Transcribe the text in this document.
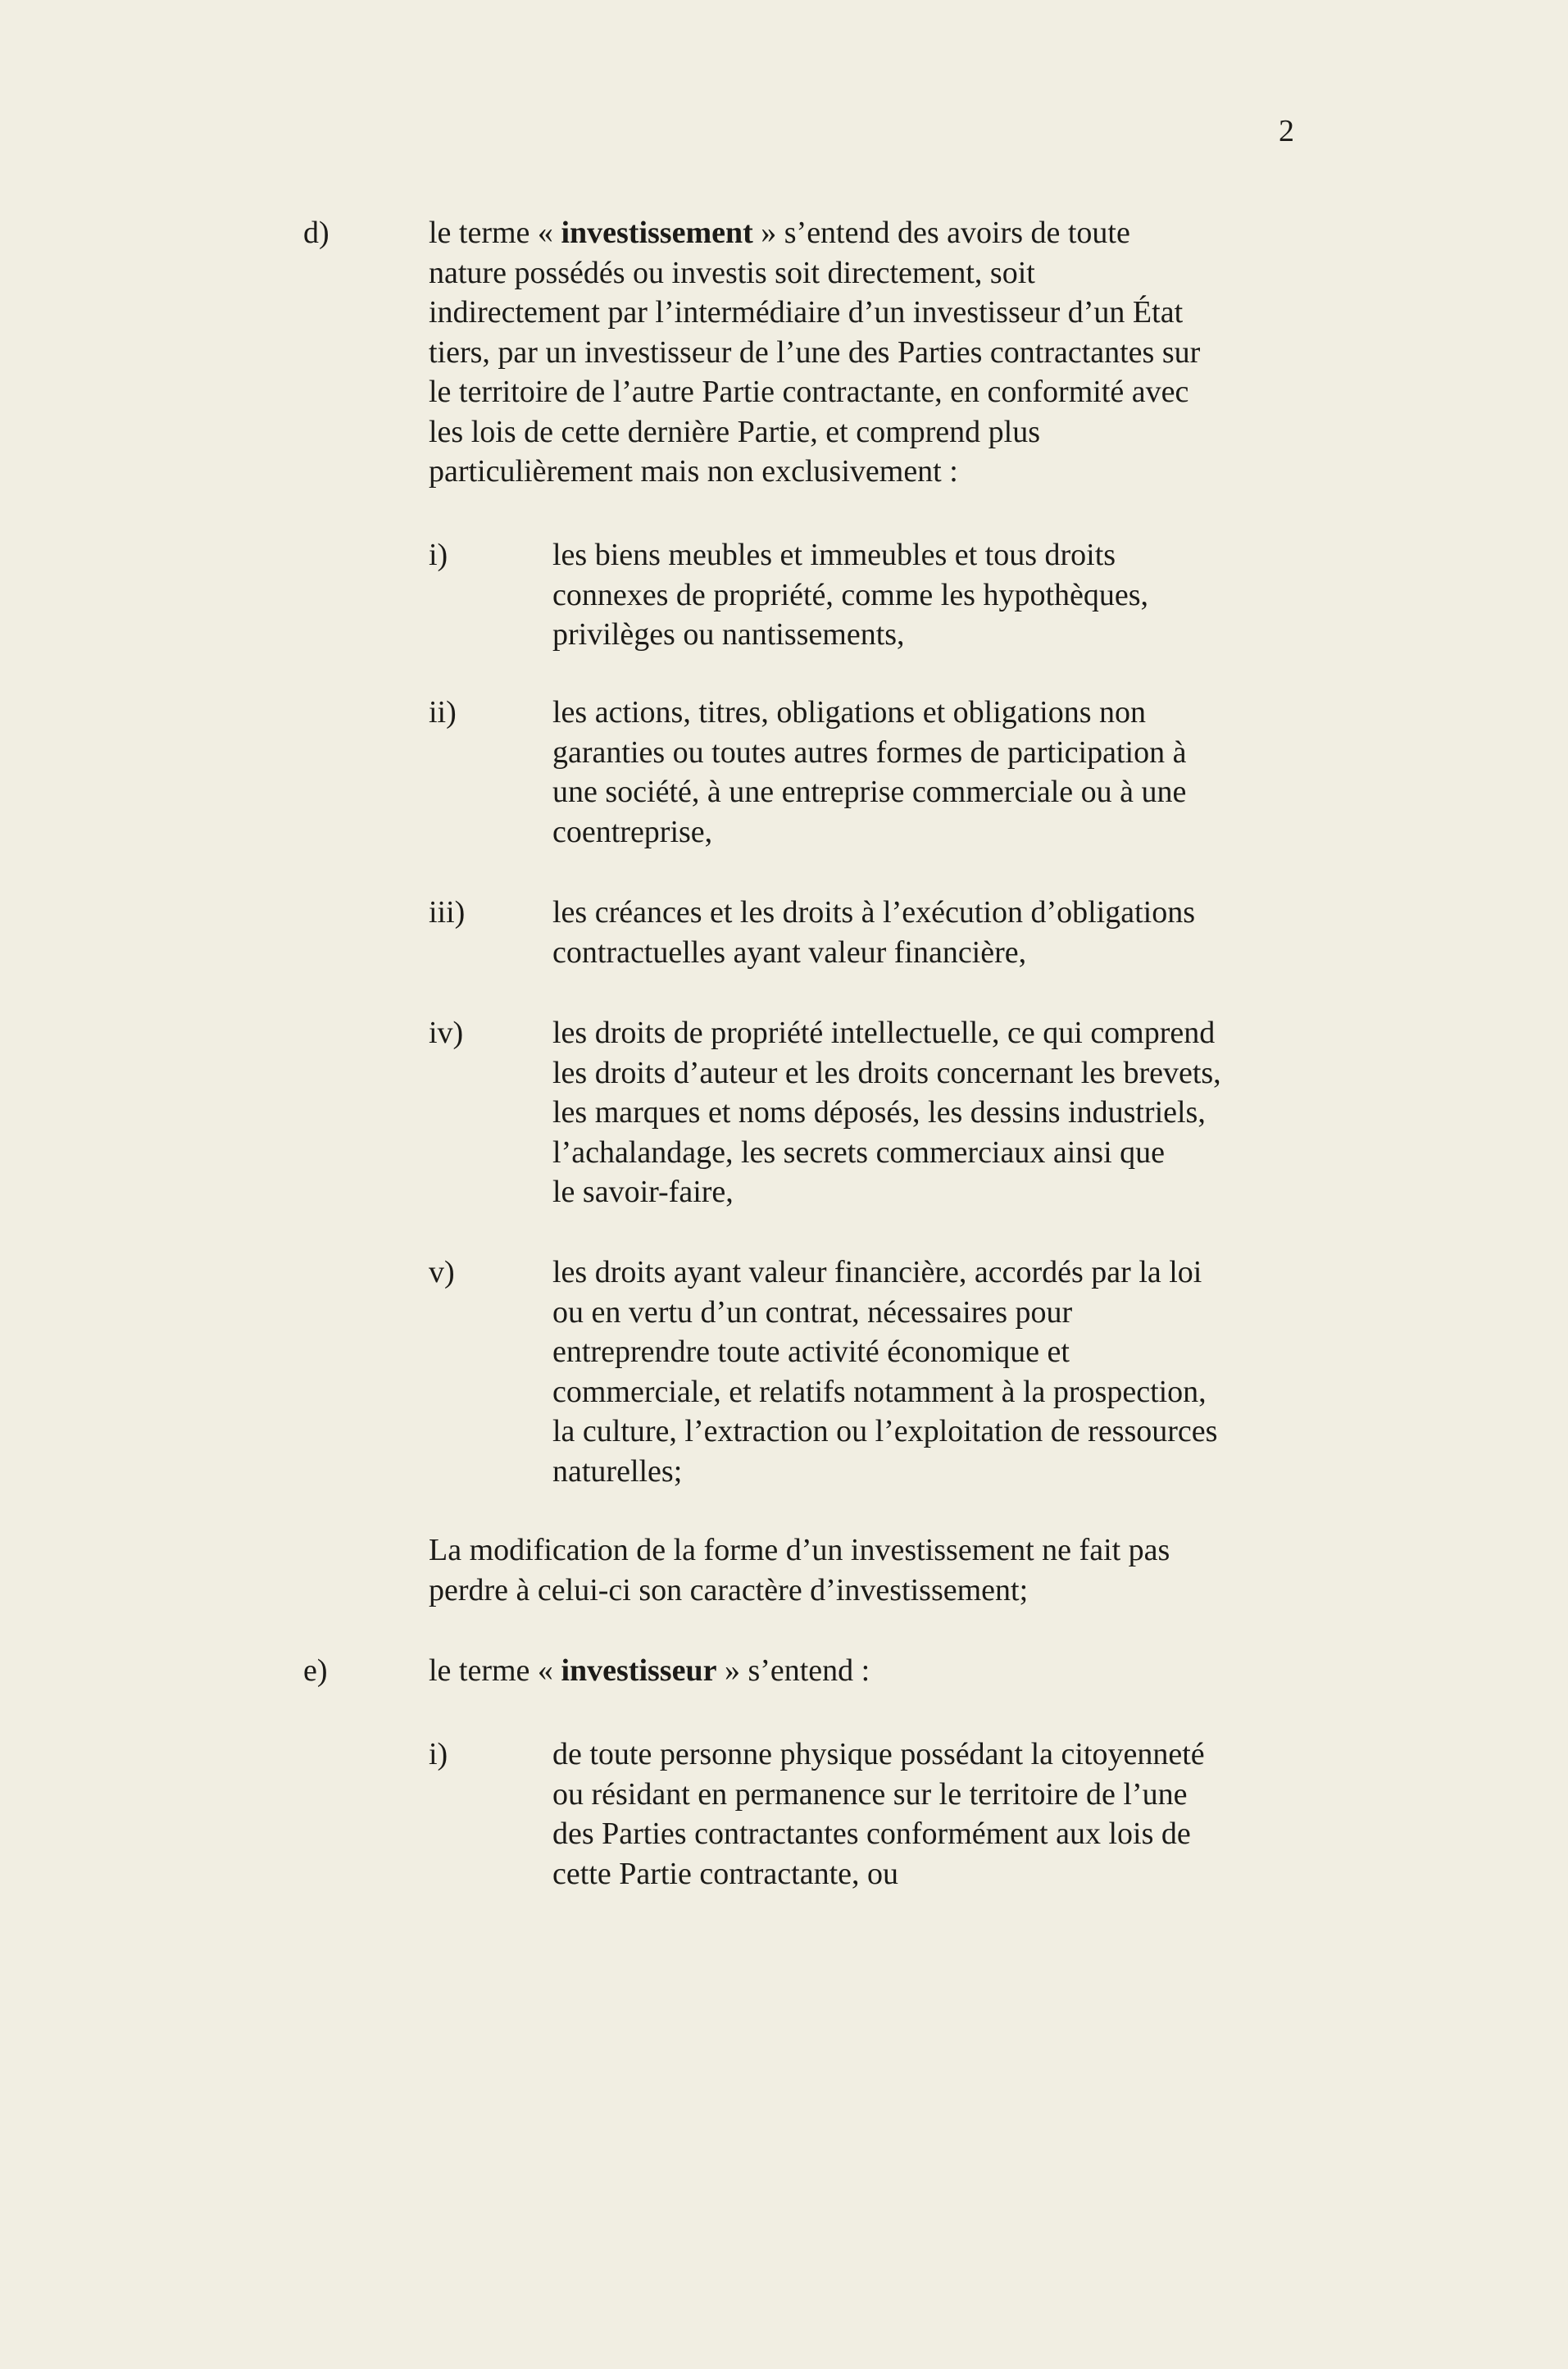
2
d)	le terme « investissement » s’entend des avoirs de toute
nature possédés ou investis soit directement, soit
indirectement par l’intermédiaire d’un investisseur d’un État
tiers, par un investisseur de l’une des Parties contractantes sur
le territoire de l’autre Partie contractante, en conformité avec
les lois de cette dernière Partie, et comprend plus
particulièrement mais non exclusivement :
i)	les biens meubles et immeubles et tous droits
connexes de propriété, comme les hypothèques,
privilèges ou nantissements,
ii)	les actions, titres, obligations et obligations non
garanties ou toutes autres formes de participation à
une société, à une entreprise commerciale ou à une
coentreprise,
iii)	les créances et les droits à l’exécution d’obligations
contractuelles ayant valeur financière,
iv)	les droits de propriété intellectuelle, ce qui comprend
les droits d’auteur et les droits concernant les brevets,
les marques et noms déposés, les dessins industriels,
l’achalandage, les secrets commerciaux ainsi que
le savoir-faire,
v)	les droits ayant valeur financière, accordés par la loi
ou en vertu d’un contrat, nécessaires pour
entreprendre toute activité économique et
commerciale, et relatifs notamment à la prospection,
la culture, l’extraction ou l’exploitation de ressources
naturelles;
La modification de la forme d’un investissement ne fait pas
perdre à celui-ci son caractère d’investissement;
e)	le terme « investisseur » s’entend :
i)	de toute personne physique possédant la citoyenneté
ou résidant en permanence sur le territoire de l’une
des Parties contractantes conformément aux lois de
cette Partie contractante, ou
